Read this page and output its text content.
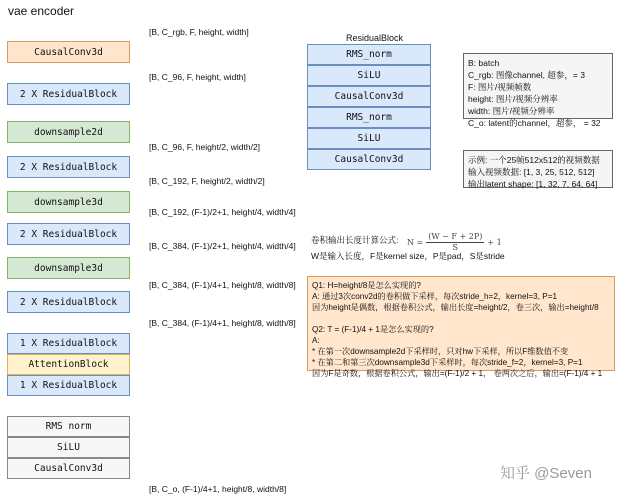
vae encoder
CausalConv3d
2 X ResidualBlock
downsample2d
2 X ResidualBlock
downsample3d
2 X ResidualBlock
downsample3d
2 X ResidualBlock
1 X ResidualBlock
AttentionBlock
1 X ResidualBlock
RMS norm
SiLU
CausalConv3d
[B, C_rgb, F, height, width]
[B, C_96, F, height, width]
[B, C_96, F, height/2, width/2]
[B, C_192, F, height/2, width/2]
[B, C_192, (F-1)/2+1, height/4, width/4]
[B, C_384, (F-1)/2+1, height/4, width/4]
[B, C_384, (F-1)/4+1, height/8, width/8]
[B, C_384, (F-1)/4+1, height/8, width/8]
[B, C_o, (F-1)/4+1, height/8, width/8]
ResidualBlock
RMS_norm
SiLU
CausalConv3d
RMS_norm
SiLU
CausalConv3d
B: batch
C_rgb: 图像channel, 超参，= 3
F: 图片/视频帧数
height: 图片/视频分辨率
width: 图片/视频分辨率
C_o: latent的channel，超参， = 32
示例: 一个25帧512x512的视频数据
输入视频数据: [1, 3, 25, 512, 512]
输出latent shape: [1, 32, 7, 64, 64]
卷积输出长度计算公式: $N = \frac{(W - F + 2P)}{S} + 1$
W是输入长度，F是kernel size，P是pad，S是stride
Q1: H=height/8是怎么实现的?
A: 通过3次conv2d的卷积做下采样，每次stride_h=2，kernel=3, P=1
因为height是偶数，根据卷积公式，输出长度=height/2，卷三次，输出=height/8
Q2: T = (F-1)/4 + 1是怎么实现的?
A:
* 在第一次downsample2d下采样时，只对hw下采样，所以F维数值不变
* 在第二和第三次downsample3d下采样时，每次stride_f=2，kernel=3, P=1
因为F是奇数，根据卷积公式，输出=(F-1)/2 + 1， 卷两次之后，输出=(F-1)/4 + 1
知乎 @Seven
